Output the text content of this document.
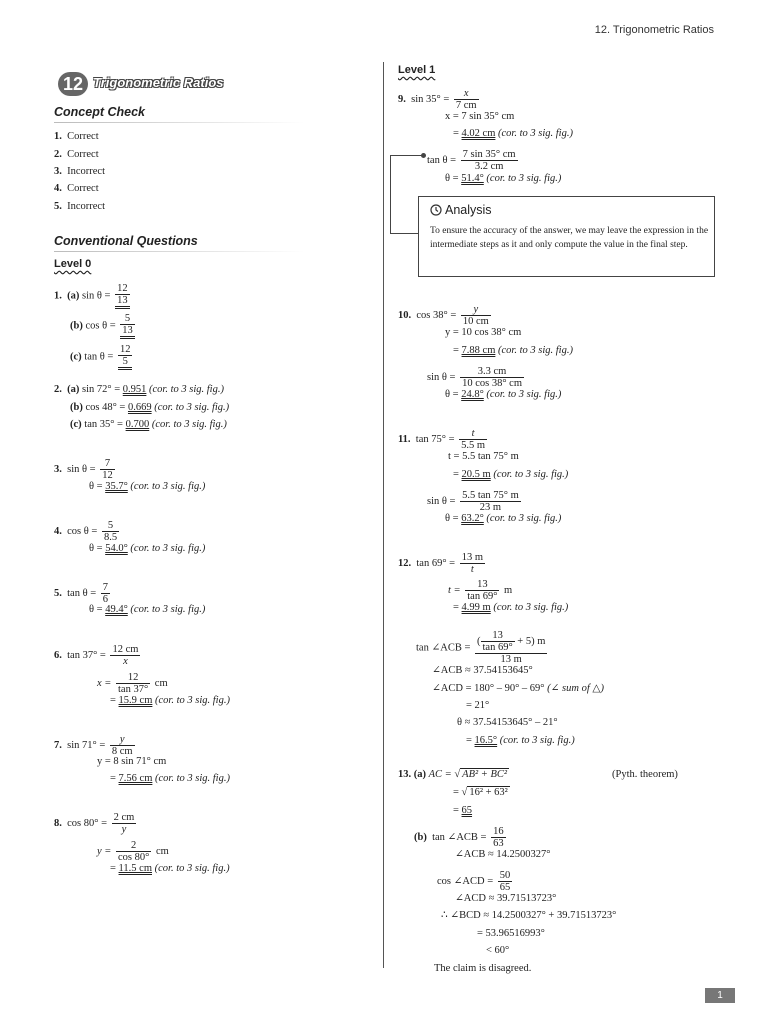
12. Trigonometric Ratios
12 Trigonometric Ratios
Concept Check
1. Correct
2. Correct
3. Incorrect
4. Correct
5. Incorrect
Conventional Questions
Level 0
1. (a) $\sin \theta = \frac{12}{13}$
(b) $\cos \theta = \frac{5}{13}$
(c) $\tan \theta = \frac{12}{5}$
2. (a) sin 72° = 0.951 (cor. to 3 sig. fig.)
(b) cos 48° = 0.669 (cor. to 3 sig. fig.)
(c) tan 35° = 0.700 (cor. to 3 sig. fig.)
3. $\sin \theta = \frac{7}{12}$
θ = 35.7° (cor. to 3 sig. fig.)
4. $\cos \theta = \frac{5}{8.5}$
θ = 54.0° (cor. to 3 sig. fig.)
5. $\tan \theta = \frac{7}{6}$
θ = 49.4° (cor. to 3 sig. fig.)
6. $\tan 37^\circ = \frac{12 cm}{x}$
$x = \frac{12}{\tan 37^\circ}$ cm
= 15.9 cm (cor. to 3 sig. fig.)
7. $\sin 71^\circ = \frac{y}{8 cm}$
y = 8 sin 71° cm
= 7.56 cm (cor. to 3 sig. fig.)
8. $\cos 80^\circ = \frac{2 cm}{y}$
$y = \frac{2}{\cos 80^\circ}$ cm
= 11.5 cm (cor. to 3 sig. fig.)
Level 1
9. $\sin 35^\circ = \frac{x}{7 cm}$
x = 7 sin 35° cm
= 4.02 cm (cor. to 3 sig. fig.)
$\tan \theta = \frac{7 \sin 35^\circ cm}{3.2 cm}$
θ = 51.4° (cor. to 3 sig. fig.)
Analysis
To ensure the accuracy of the answer, we may leave the expression in the intermediate steps as it and only compute the value in the final step.
10. $\cos 38^\circ = \frac{y}{10 cm}$
y = 10 cos 38° cm
= 7.88 cm (cor. to 3 sig. fig.)
$\sin \theta = \frac{3.3 cm}{10 \cos 38^\circ cm}$
θ = 24.8° (cor. to 3 sig. fig.)
11. $\tan 75^\circ = \frac{t}{5.5 m}$
t = 5.5 tan 75° m
= 20.5 m (cor. to 3 sig. fig.)
$\sin \theta = \frac{5.5 \tan 75^\circ m}{23 m}$
θ = 63.2° (cor. to 3 sig. fig.)
12. $\tan 69^\circ = \frac{13 m}{t}$
$t = \frac{13}{\tan 69^\circ}$ m
= 4.99 m (cor. to 3 sig. fig.)
tan ∠ACB = $\frac{( \frac{13}{\tan 69^\circ} + 5) m}{13 m}$
∠ACB ≈ 37.54153645°
∠ACD = 180° – 90° – 69° (∠ sum of △)
= 21°
θ ≈ 37.54153645° – 21°
= 16.5° (cor. to 3 sig. fig.)
13. (a) AC = √ AB² + BC²	(Pyth. theorem)
= √ 16² + 63²
= 65
(b) tan ∠ACB = $\frac{16}{63}$
∠ACB ≈ 14.2500327°
cos ∠ACD = $\frac{50}{65}$
∠ACD ≈ 39.71513723°
∴ ∠BCD ≈ 14.2500327° + 39.71513723°
= 53.96516993°
< 60°
The claim is disagreed.
1
